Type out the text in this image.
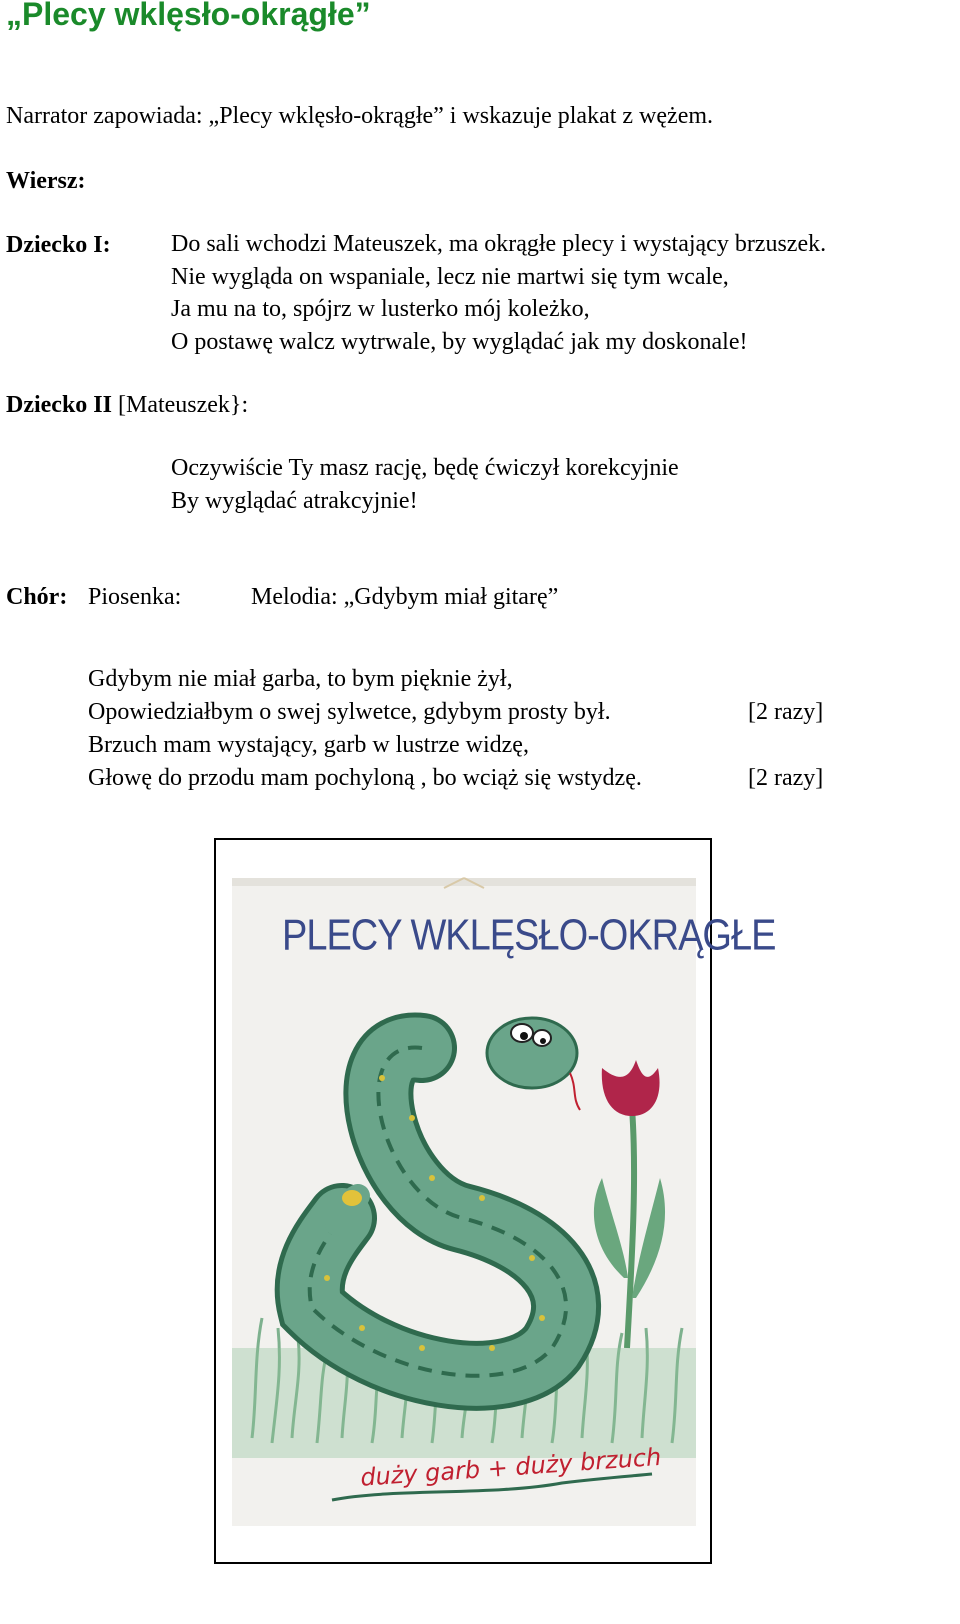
„Plecy wklęsło-okrągłe”
Narrator zapowiada: „Plecy wklęsło-okrągłe” i wskazuje plakat z wężem.
Wiersz:
Dziecko I:	Do sali wchodzi Mateuszek, ma okrągłe plecy i wystający brzuszek.
Nie wygląda on wspaniale, lecz nie martwi się tym wcale,
Ja mu na to, spójrz w lusterko mój koleżko,
O postawę walcz wytrwale, by wyglądać jak my doskonale!
Dziecko II [Mateuszek}:
Oczywiście Ty masz rację, będę ćwiczył korekcyjnie
By wyglądać atrakcyjnie!
Chór: Piosenka:	Melodia: „Gdybym miał gitarę”
Gdybym nie miał garba, to bym pięknie żył,
Opowiedziałbym o swej sylwetce, gdybym prosty był.	[2 razy]
Brzuch mam wystający, garb w lustrze widzę,
Głowę do przodu mam pochyloną , bo wciąż się wstydzę.	[2 razy]
PLECY WKLĘSŁO-OKRĄGŁE
duży garb + duży brzuch
